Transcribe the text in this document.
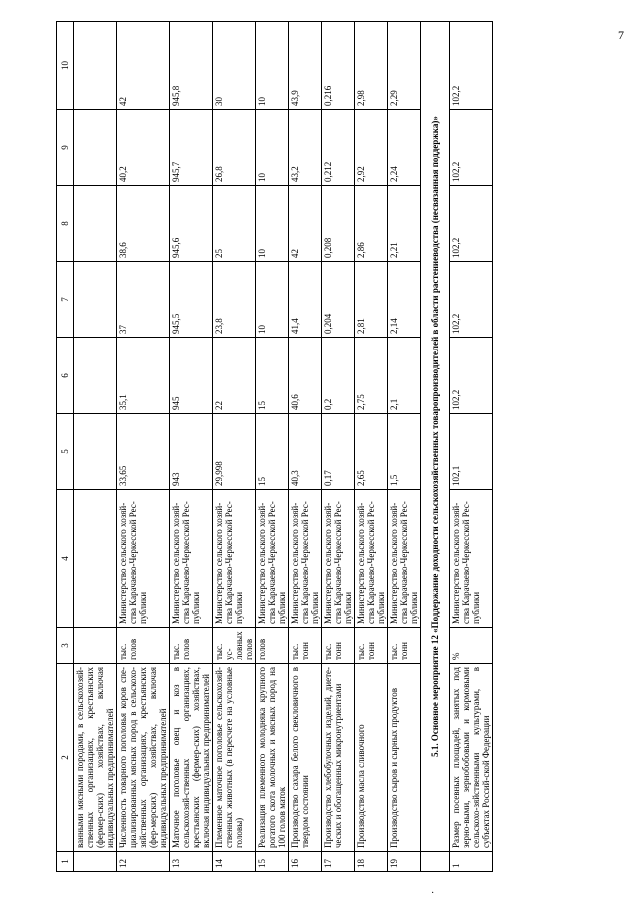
7
·
1	2	3	4	5	6	7	8	9	10
	ванными мясными породами, в сельскохозяй-ственных организациях, крестьянских (фермер-ских) хозяйствах, включая индивидуальных предпринимателей								
12	Численность товарного поголовья коров спе-циализированных мясных пород в сельскохо-зяйственных организациях, крестьянских (фер-мерских) хозяйствах, включая индивидуальных предпринимателей	тыс. голов	Министерство сельского хозяй-ства Карачаево-Черкесской Рес-публики	33,65	35,1	37	38,6	40,2	42
13	Маточное поголовье овец и коз в сельскохозяй-ственных организациях, крестьянских (фермер-ских) хозяйствах, включая индивидуальных предпринимателей	тыс. голов	Министерство сельского хозяй-ства Карачаево-Черкесской Рес-публики	943	945	945,5	945,6	945,7	945,8
14	Племенное маточное поголовье сельскохозяй-ственных животных (в пересчете на условные головы)	тыс. ус-ловных голов	Министерство сельского хозяй-ства Карачаево-Черкесской Рес-публики	29,998	22	23,8	25	26,8	30
15	Реализация племенного молодняка крупного рогатого скота молочных и мясных пород на 100 голов маток	голов	Министерство сельского хозяй-ства Карачаево-Черкесской Рес-публики	15	15	10	10	10	10
16	Производство сахара белого свекловичного в твердом состоянии	тыс. тонн	Министерство сельского хозяй-ства Карачаево-Черкесской Рес-публики	40,3	40,6	41,4	42	43,2	43,9
17	Производство хлебобулочных изделий, диете-ческих и обогащенных микронутриентами	тыс. тонн	Министерство сельского хозяй-ства Карачаево-Черкесской Рес-публики	0,17	0,2	0,204	0,208	0,212	0,216
18	Производство масла сливочного	тыс. тонн	Министерство сельского хозяй-ства Карачаево-Черкесской Рес-публики	2,65	2,75	2,81	2,86	2,92	2,98
19	Производство сыров и сырных продуктов	тыс. тонн	Министерство сельского хозяй-ства Карачаево-Черкесской Рес-публики	1,5	2,1	2,14	2,21	2,24	2,29
	5.1. Основное мероприятие 12 «Поддержание доходности сельскохозяйственных товаропроизводителей в области растениеводства (несвязанная поддержка)»								
1	Размер посевных площадей, занятых под зерно-выми, зернобобовыми и кормовыми сельскохо-зяйственными культурами, в субъектах Россий-ской Федерации	%	Министерство сельского хозяй-ства Карачаево-Черкесской Рес-публики	102,1	102,2	102,2	102,2	102,2	102,2
